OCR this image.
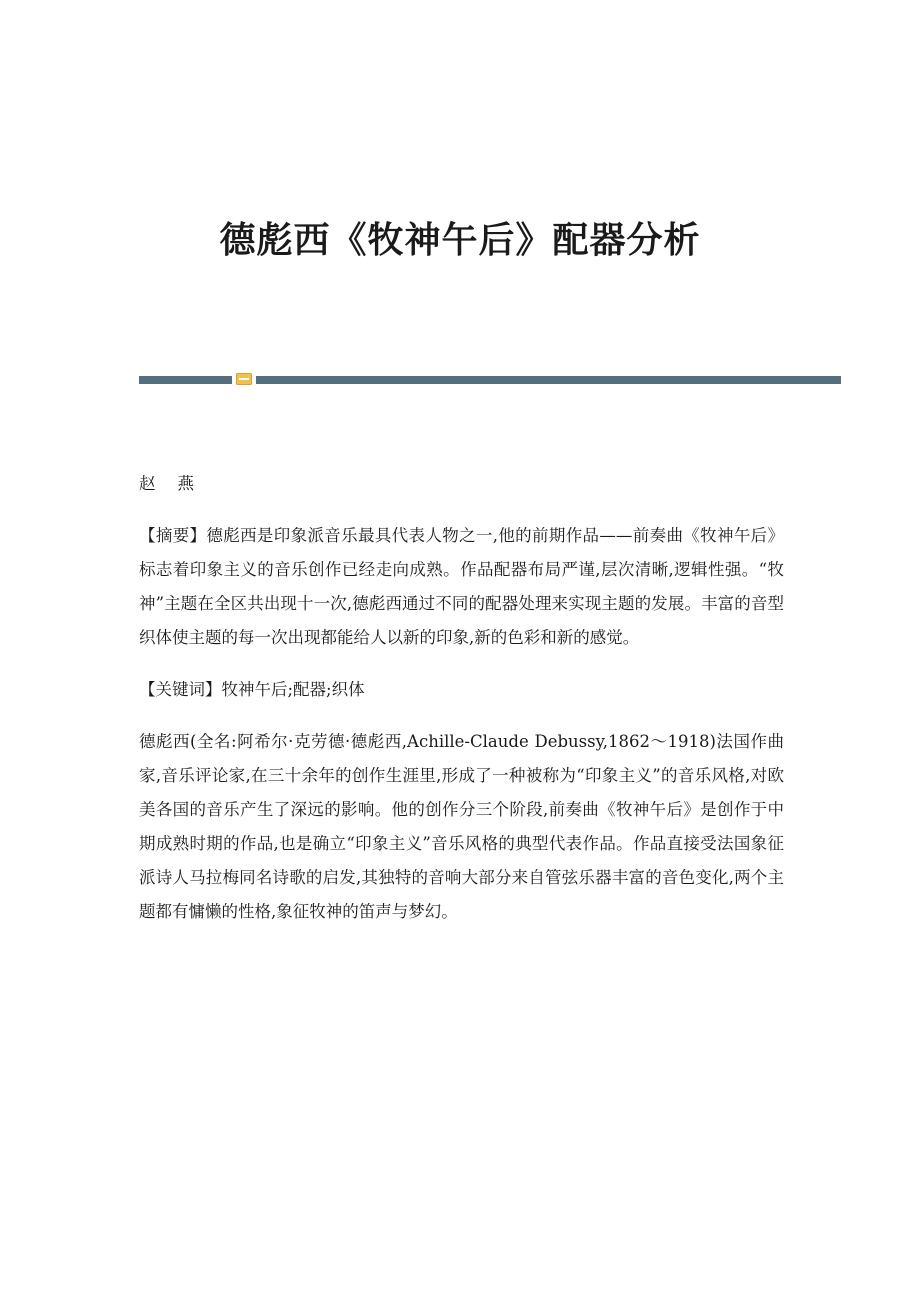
德彪西《牧神午后》配器分析

赵 燕

【摘要】德彪西是印象派音乐最具代表人物之一,他的前期作品——前奏曲《牧神午后》标志着印象主义的音乐创作已经走向成熟。作品配器布局严谨,层次清晰,逻辑性强。“牧神”主题在全区共出现十一次,德彪西通过不同的配器处理来实现主题的发展。丰富的音型织体使主题的每一次出现都能给人以新的印象,新的色彩和新的感觉。

【关键词】牧神午后;配器;织体

德彪西(全名:阿希尔·克劳德·德彪西,Achille-Claude Debussy,1862～1918)法国作曲家,音乐评论家,在三十余年的创作生涯里,形成了一种被称为“印象主义”的音乐风格,对欧美各国的音乐产生了深远的影响。他的创作分三个阶段,前奏曲《牧神午后》是创作于中期成熟时期的作品,也是确立“印象主义”音乐风格的典型代表作品。作品直接受法国象征派诗人马拉梅同名诗歌的启发,其独特的音响大部分来自管弦乐器丰富的音色变化,两个主题都有慵懒的性格,象征牧神的笛声与梦幻。
